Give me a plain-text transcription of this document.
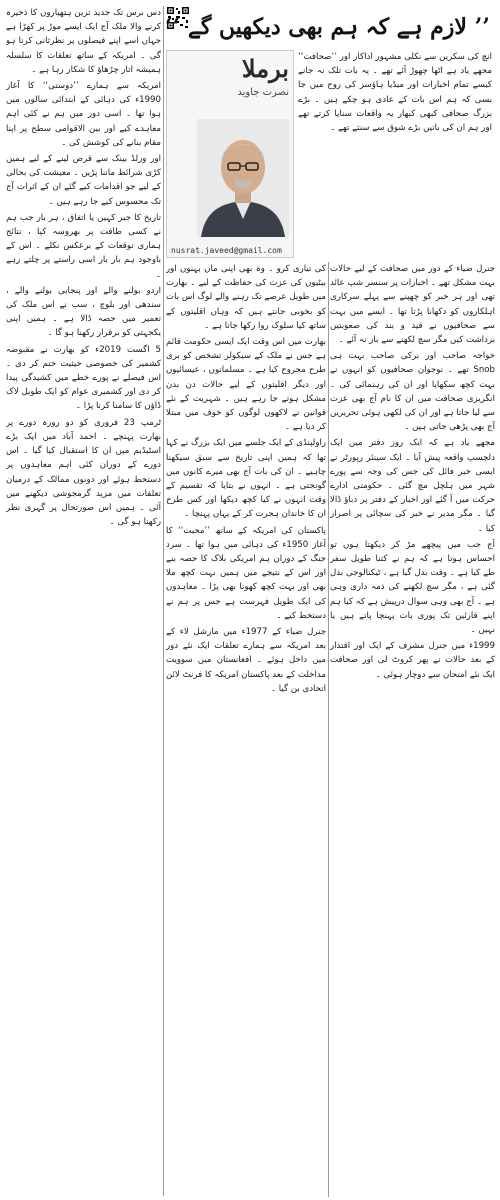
’’ لازم ہے کہ ہم بھی دیکھیں گے ‘‘

انچ کی سکرین سے نکلی مشہور اداکار اور ’’صحافت‘‘ مجھے یاد ہے اٹھا چھوڑ آئے تھے ۔ یہ بات تلک نہ جانے کیسے تمام اخبارات اور میڈیا ہاؤسز کی روح میں جا بسی کہ ہم اس بات کے عادی ہو چکے ہیں ۔ بڑے بزرگ صحافی کبھی کبھار یہ واقعات سنایا کرتے تھے اور ہم ان کی باتیں بڑے شوق سے سنتے تھے ۔

برملا
نصرت جاوید
nusrat.javeed@gmail.com

جنرل ضیاء کے دور میں صحافت کے لیے حالات بہت مشکل تھے ۔ اخبارات پر سنسر شپ عائد تھی اور ہر خبر کو چھپنے سے پہلے سرکاری اہلکاروں کو دکھانا پڑتا تھا ۔ ایسے میں بہت سے صحافیوں نے قید و بند کی صعوبتیں برداشت کیں مگر سچ لکھنے سے باز نہ آئے ۔

خواجہ صاحب اور برکی صاحب بہت ہی Snob تھے ۔ نوجوان صحافیوں کو انہوں نے بہت کچھ سکھایا اور ان کی رہنمائی کی ۔ انگریزی صحافت میں ان کا نام آج بھی عزت سے لیا جاتا ہے اور ان کی لکھی ہوئی تحریریں آج بھی پڑھی جاتی ہیں ۔

مجھے یاد ہے کہ ایک روز دفتر میں ایک دلچسپ واقعہ پیش آیا ۔ ایک سینئر رپورٹر نے ایسی خبر فائل کی جس کی وجہ سے پورے شہر میں ہلچل مچ گئی ۔ حکومتی ادارے حرکت میں آ گئے اور اخبار کے دفتر پر دباؤ ڈالا گیا ۔ مگر مدیر نے خبر کی سچائی پر اصرار کیا ۔

آج جب میں پیچھے مڑ کر دیکھتا ہوں تو احساس ہوتا ہے کہ ہم نے کتنا طویل سفر طے کیا ہے ۔ وقت بدل گیا ہے ، ٹیکنالوجی بدل گئی ہے ، مگر سچ لکھنے کی ذمہ داری وہی ہے ۔ آج بھی وہی سوال درپیش ہے کہ کیا ہم اپنے قارئین تک پوری بات پہنچا پاتے ہیں یا نہیں ۔

1999ء میں جنرل مشرف کے ایک اور اقتدار کے بعد حالات نے پھر کروٹ لی اور صحافت ایک نئے امتحان سے دوچار ہوئی ۔

کی تیاری کرو ۔ وہ بھی اپنی ماں بہنوں اور بیٹیوں کی عزت کی حفاظت کے لیے ۔ بھارت میں طویل عرصے تک رہنے والے لوگ اس بات کو بخوبی جانتے ہیں کہ وہاں اقلیتوں کے ساتھ کیا سلوک روا رکھا جاتا ہے ۔

بھارت میں اس وقت ایک ایسی حکومت قائم ہے جس نے ملک کے سیکولر تشخص کو بری طرح مجروح کیا ہے ۔ مسلمانوں ، عیسائیوں اور دیگر اقلیتوں کے لیے حالات دن بدن مشکل ہوتے جا رہے ہیں ۔ شہریت کے نئے قوانین نے لاکھوں لوگوں کو خوف میں مبتلا کر دیا ہے ۔

راولپنڈی کے ایک جلسے میں ایک بزرگ نے کہا تھا کہ ہمیں اپنی تاریخ سے سبق سیکھنا چاہیے ۔ ان کی بات آج بھی میرے کانوں میں گونجتی ہے ۔ انہوں نے بتایا کہ تقسیم کے وقت انہوں نے کیا کچھ دیکھا اور کس طرح ان کا خاندان ہجرت کر کے یہاں پہنچا ۔

پاکستان کی امریکہ کے ساتھ ’’محبت‘‘ کا آغاز 1950ء کی دہائی میں ہوا تھا ۔ سرد جنگ کے دوران ہم امریکی بلاک کا حصہ بنے اور اس کے نتیجے میں ہمیں بہت کچھ ملا بھی اور بہت کچھ کھونا بھی پڑا ۔ معاہدوں کی ایک طویل فہرست ہے جس پر ہم نے دستخط کیے ۔

جنرل ضیاء کے 1977ء میں مارشل لاء کے بعد امریکہ سے ہمارے تعلقات ایک نئے دور میں داخل ہوئے ۔ افغانستان میں سوویت مداخلت کے بعد پاکستان امریکہ کا فرنٹ لائن اتحادی بن گیا ۔

دس برس تک جدید ترین ہتھیاروں کا ذخیرہ کرنے والا ملک آج ایک ایسے موڑ پر کھڑا ہے جہاں اسے اپنے فیصلوں پر نظرثانی کرنا ہو گی ۔ امریکہ کے ساتھ تعلقات کا سلسلہ ہمیشہ اتار چڑھاؤ کا شکار رہا ہے ۔

امریکہ سے ہمارے ’’دوستی‘‘ کا آغاز 1990ء کی دہائی کے ابتدائی سالوں میں ہوا تھا ۔ اسی دور میں ہم نے کئی اہم معاہدے کیے اور بین الاقوامی سطح پر اپنا مقام بنانے کی کوشش کی ۔

اور ورلڈ بینک سے قرض لینے کے لیے ہمیں کڑی شرائط ماننا پڑیں ۔ معیشت کی بحالی کے لیے جو اقدامات کیے گئے ان کے اثرات آج تک محسوس کیے جا رہے ہیں ۔

تاریخ کا جبر کہیں یا اتفاق ، ہر بار جب ہم نے کسی طاقت پر بھروسہ کیا ، نتائج ہماری توقعات کے برعکس نکلے ۔ اس کے باوجود ہم بار بار اسی راستے پر چلتے رہے ۔

اردو بولنے والے اور پنجابی بولنے والے ، سندھی اور بلوچ ، سب نے اس ملک کی تعمیر میں حصہ ڈالا ہے ۔ ہمیں اپنی یکجہتی کو برقرار رکھنا ہو گا ۔

5 اگست 2019ء کو بھارت نے مقبوضہ کشمیر کی خصوصی حیثیت ختم کر دی ۔ اس فیصلے نے پورے خطے میں کشیدگی پیدا کر دی اور کشمیری عوام کو ایک طویل لاک ڈاؤن کا سامنا کرنا پڑا ۔

ٹرمپ 23 فروری کو دو روزہ دورے پر بھارت پہنچے ۔ احمد آباد میں ایک بڑے اسٹیڈیم میں ان کا استقبال کیا گیا ۔ اس دورے کے دوران کئی اہم معاہدوں پر دستخط ہوئے اور دونوں ممالک کے درمیان تعلقات میں مزید گرمجوشی دیکھنے میں آئی ۔ ہمیں اس صورتحال پر گہری نظر رکھنا ہو گی ۔
